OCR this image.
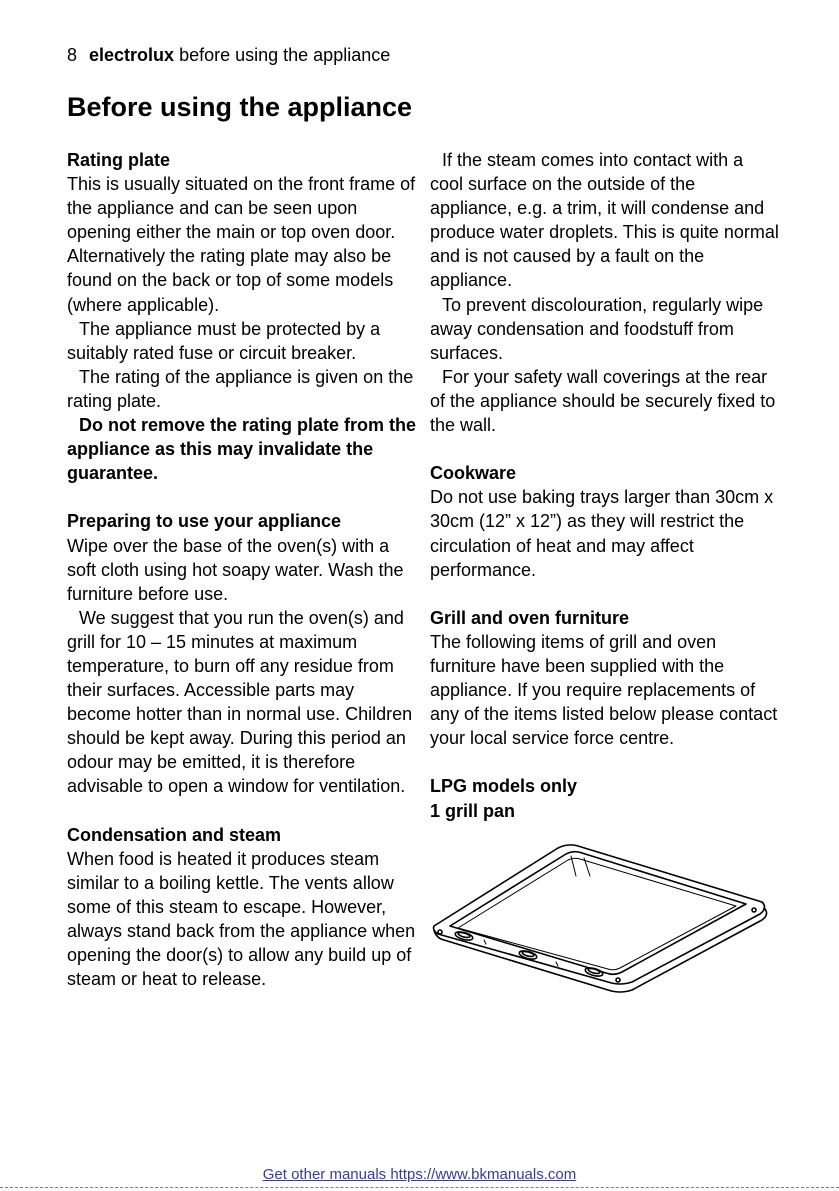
8 electrolux before using the appliance
Before using the appliance
Rating plate

This is usually situated on the front frame of the appliance and can be seen upon opening either the main or top oven door. Alternatively the rating plate may also be found on the back or top of some models (where applicable).

The appliance must be protected by a suitably rated fuse or circuit breaker.

The rating of the appliance is given on the rating plate.

Do not remove the rating plate from the appliance as this may invalidate the guarantee.

Preparing to use your appliance

Wipe over the base of the oven(s) with a soft cloth using hot soapy water. Wash the furniture before use.

We suggest that you run the oven(s) and grill for 10 – 15 minutes at maximum temperature, to burn off any residue from their surfaces. Accessible parts may become hotter than in normal use. Children should be kept away. During this period an odour may be emitted, it is therefore advisable to open a window for ventilation.

Condensation and steam

When food is heated it produces steam similar to a boiling kettle. The vents allow some of this steam to escape. However, always stand back from the appliance when opening the door(s) to allow any build up of steam or heat to release.

If the steam comes into contact with a cool surface on the outside of the appliance, e.g. a trim, it will condense and produce water droplets. This is quite normal and is not caused by a fault on the appliance.

To prevent discolouration, regularly wipe away condensation and foodstuff from surfaces.

For your safety wall coverings at the rear of the appliance should be securely fixed to the wall.

Cookware

Do not use baking trays larger than 30cm x 30cm (12” x 12”) as they will restrict the circulation of heat and may affect performance.

Grill and oven furniture

The following items of grill and oven furniture have been supplied with the appliance. If you require replacements of any of the items listed below please contact your local service force centre.

LPG models only
1 grill pan
Get other manuals https://www.bkmanuals.com
